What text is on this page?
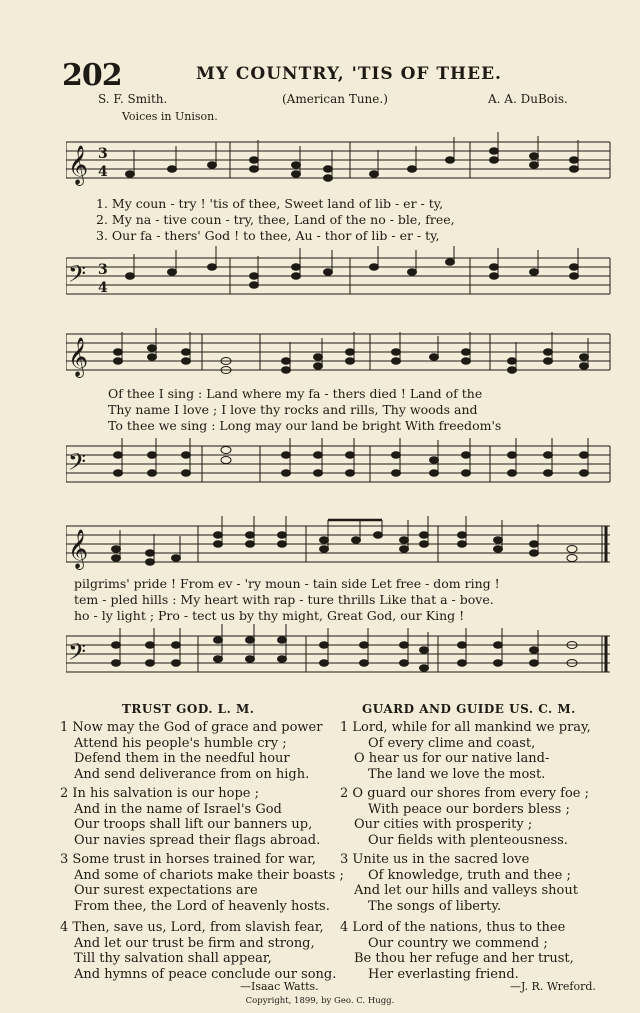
202	MY COUNTRY, 'TIS OF THEE.
S. F. Smith.	(American Tune.)	A. A. DuBois.
Voices in Unison.
𝄞 3
4
1. My coun - try ! 'tis of thee, Sweet land of lib - er - ty,
2. My na - tive coun - try, thee, Land of the no - ble, free,
3. Our fa - thers' God ! to thee, Au - thor of lib - er - ty,
𝄢 3
4
𝄞
Of thee I sing : Land where my fa - thers died ! Land of the
Thy name I love ; I love thy rocks and rills, Thy woods and
To thee we sing : Long may our land be bright With freedom's
𝄢
𝄞
pilgrims' pride ! From ev - 'ry moun - tain side Let free - dom ring !
tem - pled hills : My heart with rap - ture thrills Like that a - bove.
ho - ly light ; Pro - tect us by thy might, Great God, our King !
𝄢
TRUST GOD. L. M.
1 Now may the God of grace and power
Attend his people's humble cry ;
Defend them in the needful hour
And send deliverance from on high.
2 In his salvation is our hope ;
And in the name of Israel's God
Our troops shall lift our banners up,
Our navies spread their flags abroad.
3 Some trust in horses trained for war,
And some of chariots make their boasts ;
Our surest expectations are
From thee, the Lord of heavenly hosts.
4 Then, save us, Lord, from slavish fear,
And let our trust be firm and strong,
Till thy salvation shall appear,
And hymns of peace conclude our song.
—Isaac Watts.
GUARD AND GUIDE US. C. M.
1 Lord, while for all mankind we pray,
Of every clime and coast,
O hear us for our native land-
The land we love the most.
2 O guard our shores from every foe ;
With peace our borders bless ;
Our cities with prosperity ;
Our fields with plenteousness.
3 Unite us in the sacred love
Of knowledge, truth and thee ;
And let our hills and valleys shout
The songs of liberty.
4 Lord of the nations, thus to thee
Our country we commend ;
Be thou her refuge and her trust,
Her everlasting friend.
—J. R. Wreford.
Copyright, 1899, by Geo. C. Hugg.
